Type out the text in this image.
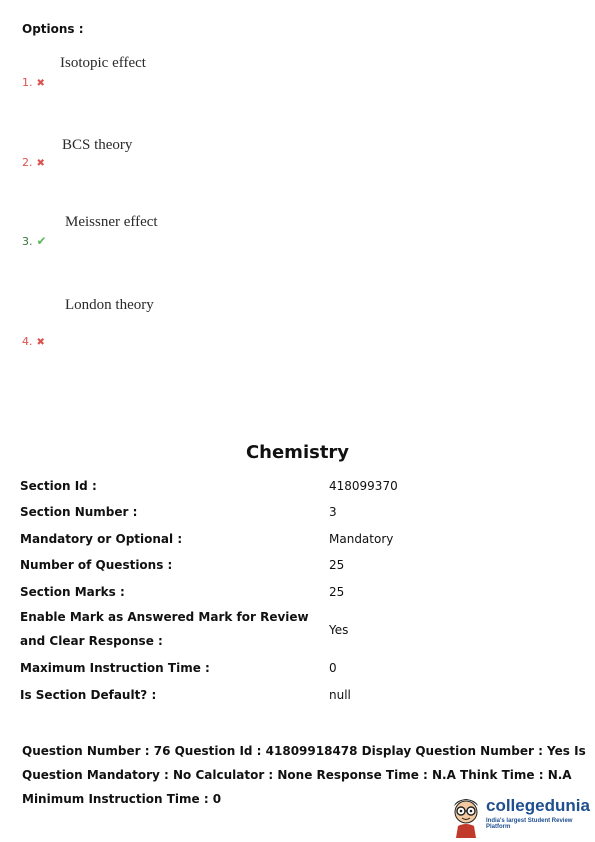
Options :
Isotopic effect
1. ✖
BCS theory
2. ✖
Meissner effect
3. ✔
London theory
4. ✖
Chemistry
Section Id :	418099370
Section Number :	3
Mandatory or Optional :	Mandatory
Number of Questions :	25
Section Marks :	25
Enable Mark as Answered Mark for Review and Clear Response :
Yes
Maximum Instruction Time :	0
Is Section Default? :	null
Question Number : 76 Question Id : 41809918478 Display Question Number : Yes Is Question Mandatory : No Calculator : None Response Time : N.A Think Time : N.A Minimum Instruction Time : 0	collegedunia
India's largest Student Review Platform
